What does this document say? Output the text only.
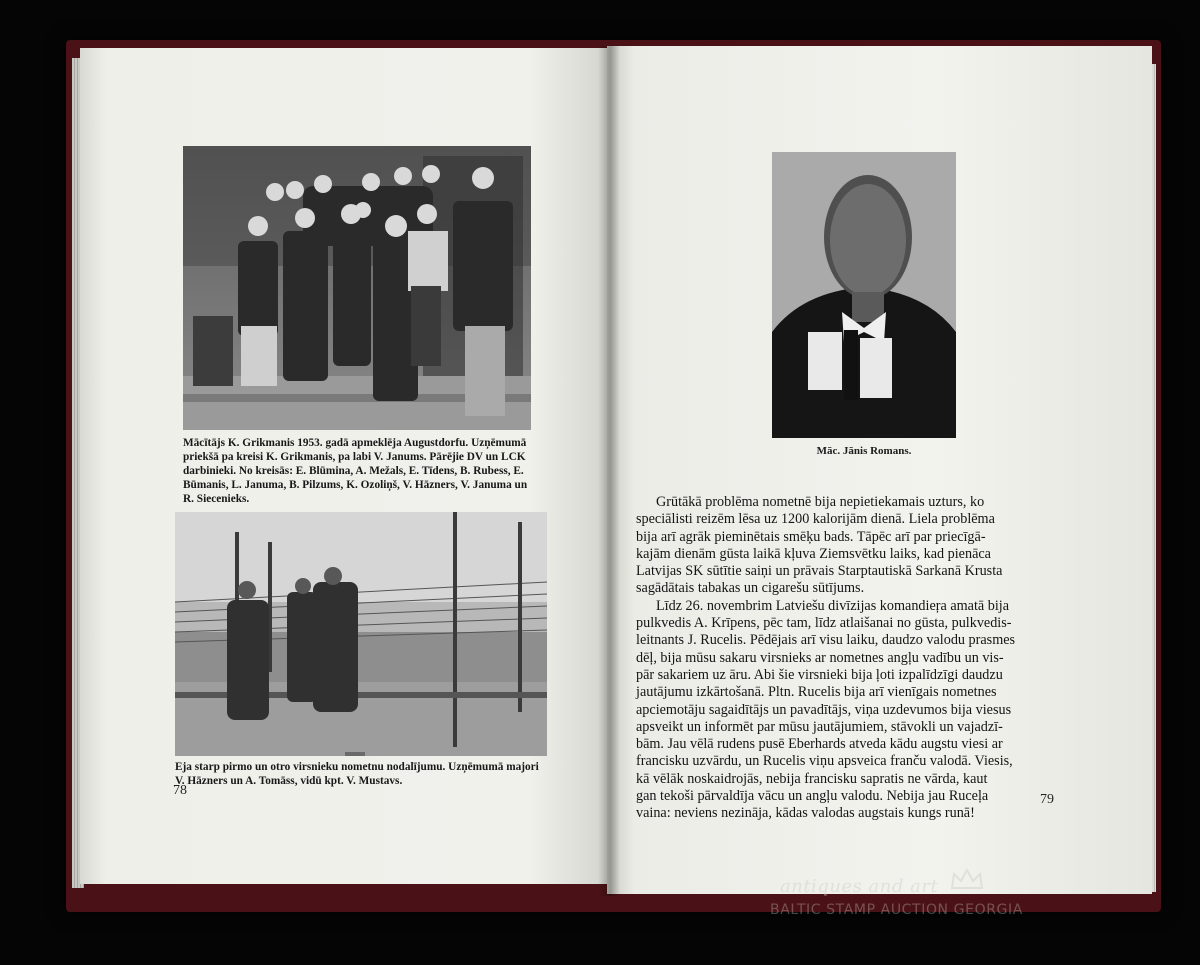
Mācītājs K. Grikmanis 1953. gadā apmeklēja Augustdorfu. Uzņēmumā
priekšā pa kreisi K. Grikmanis, pa labi V. Janums. Pārējie DV un LCK
darbinieki. No kreisās: E. Blūmina, A. Mežals, E. Tīdens, B. Rubess, E.
Būmanis, L. Januma, B. Pilzums, K. Ozoliņš, V. Hāzners, V. Januma un
R. Siecenieks.
Eja starp pirmo un otro virsnieku nometnu nodalījumu. Uzņēmumā majori
V. Hāzners un A. Tomāss, vidū kpt. V. Mustavs.
78
Māc. Jānis Romans.
Grūtākā problēma nometnē bija nepietiekamais uzturs, ko
speciālisti reizēm lēsa uz 1200 kalorijām dienā. Liela problēma
bija arī agrāk pieminētais smēķu bads. Tāpēc arī par priecīgā-
kajām dienām gūsta laikā kļuva Ziemsvētku laiks, kad pienāca
Latvijas SK sūtītie saiņi un prāvais Starptautiskā Sarkanā Krusta
sagādātais tabakas un cigarešu sūtījums.
Līdz 26. novembrim Latviešu divīzijas komandieŗa amatā bija
pulkvedis A. Krīpens, pēc tam, līdz atlaišanai no gūsta, pulkvedis-
leitnants J. Rucelis. Pēdējais arī visu laiku, daudzo valodu prasmes
dēļ, bija mūsu sakaru virsnieks ar nometnes angļu vadību un vis-
pār sakariem uz āru. Abi šie virsnieki bija ļoti izpalīdzīgi daudzu
jautājumu izkārtošanā. Pltn. Rucelis bija arī vienīgais nometnes
apciemotāju sagaidītājs un pavadītājs, viņa uzdevumos bija viesus
apsveikt un informēt par mūsu jautājumiem, stāvokli un vajadzī-
bām. Jau vēlā rudens pusē Eberhards atveda kādu augstu viesi ar
francisku uzvārdu, un Rucelis viņu apsveica franču valodā. Viesis,
kā vēlāk noskaidrojās, nebija francisku sapratis ne vārda, kaut
gan tekoši pārvaldīja vācu un angļu valodu. Nebija jau Ruceļa
vaina: neviens nezināja, kādas valodas augstais kungs runā!
79
antiques and art
BALTIC STAMP AUCTION GEORGIA
